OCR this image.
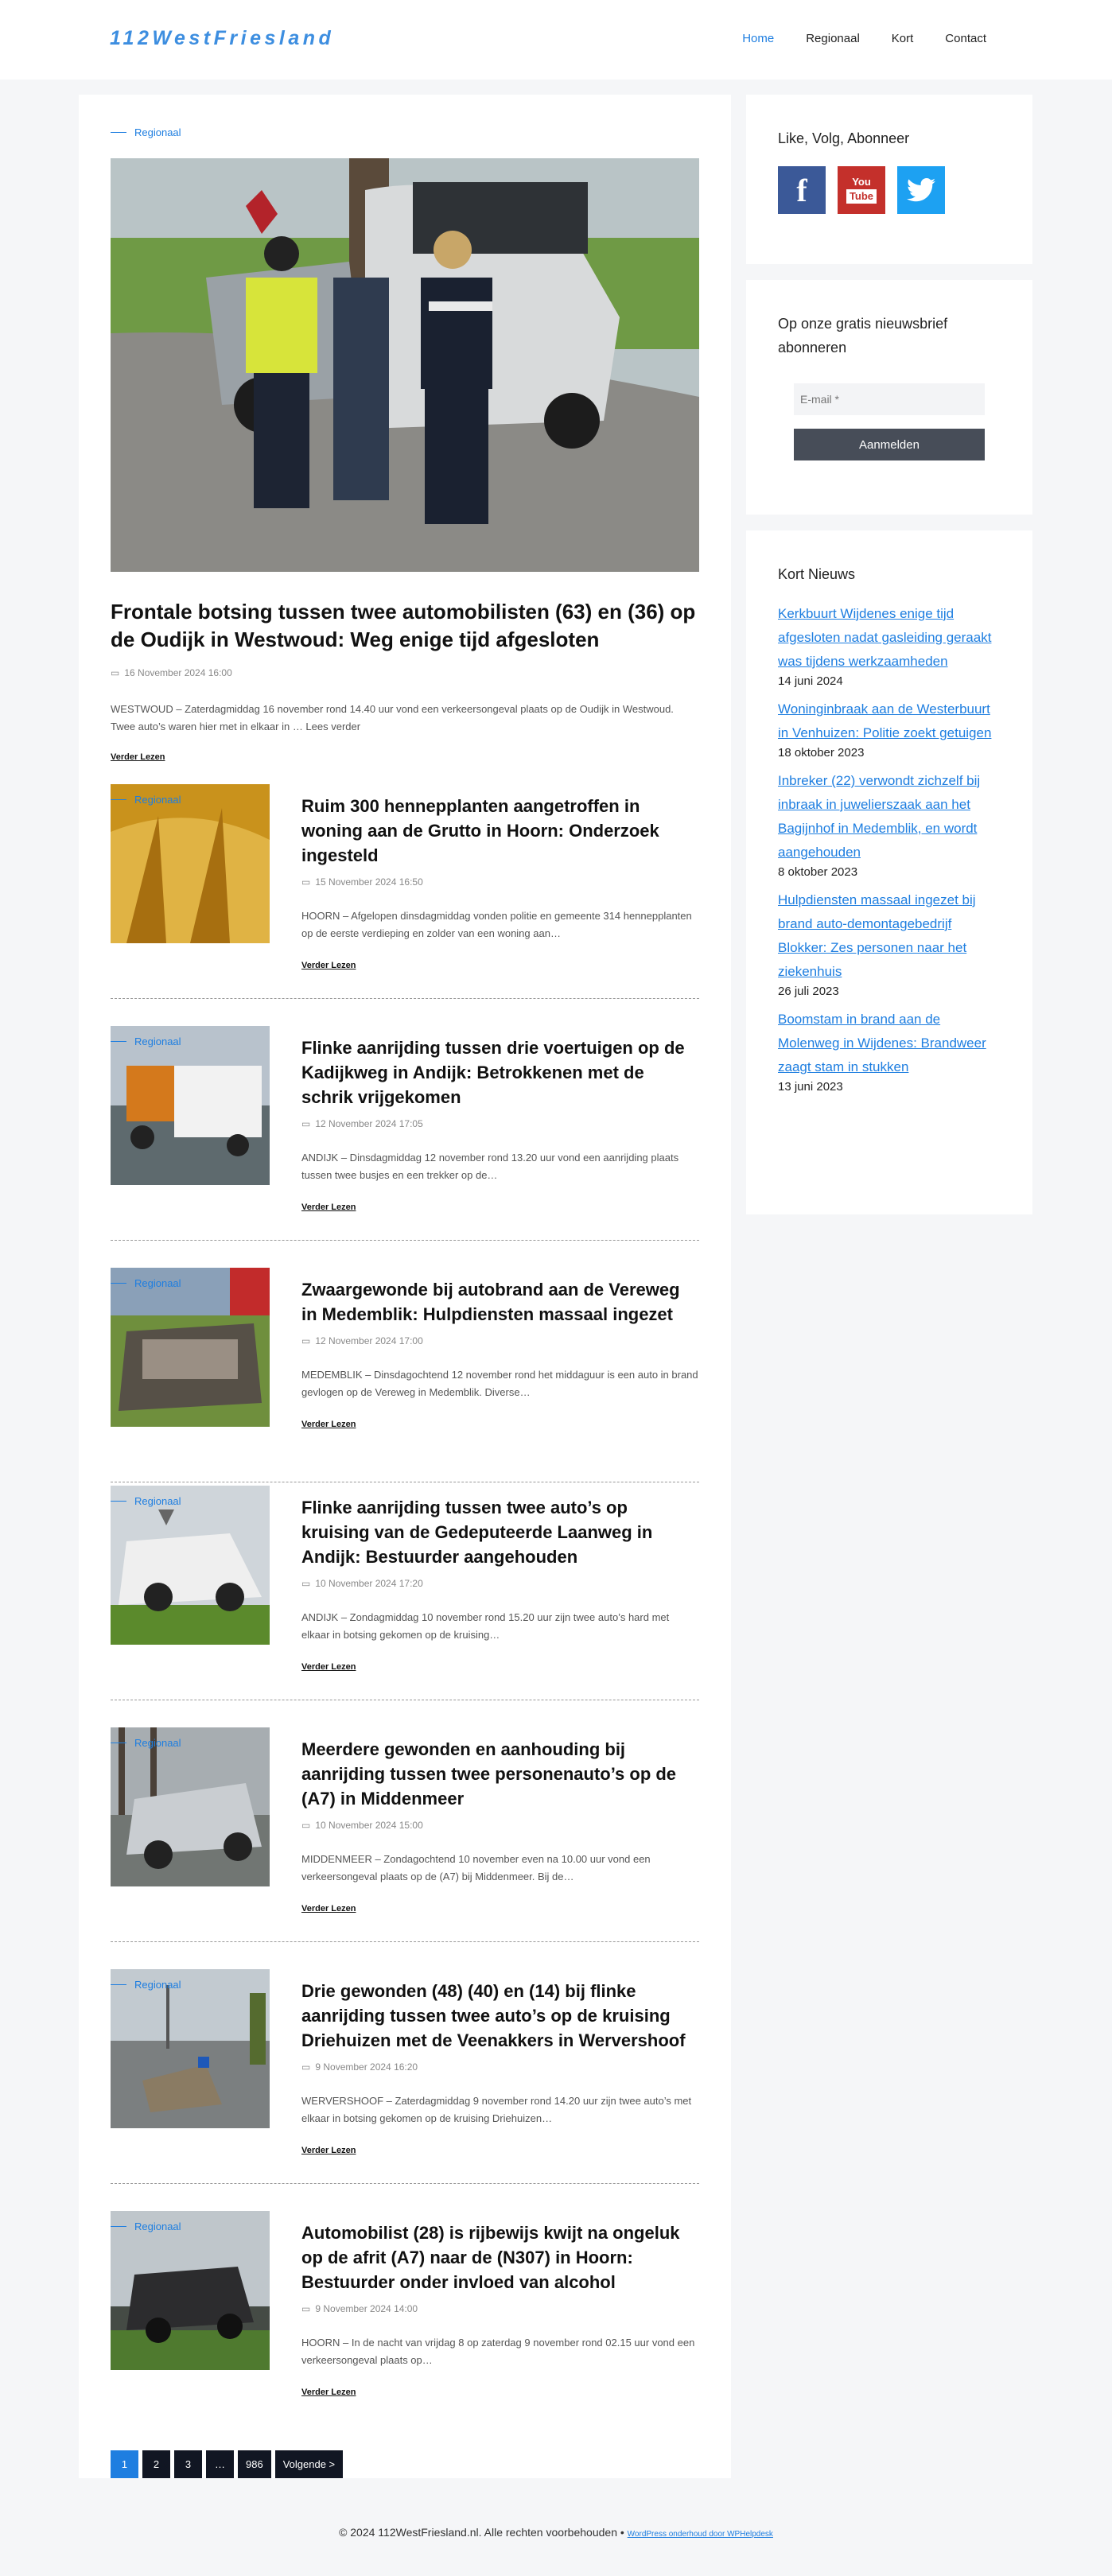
112WestFriesland	Home	Regionaal	Kort	Contact
Regionaal
Frontale botsing tussen twee automobilisten (63) en (36) op de Oudijk in Westwoud: Weg enige tijd afgesloten
▭ 16 November 2024 16:00

WESTWOUD – Zaterdagmiddag 16 november rond 14.40 uur vond een verkeersongeval plaats op de Oudijk in Westwoud. Twee auto’s waren hier met in elkaar in … Lees verder

Verder Lezen
Regionaal	Ruim 300 hennepplanten aangetroffen in woning aan de Grutto in Hoorn: Onderzoek ingesteld
▭ 15 November 2024 16:50

HOORN – Afgelopen dinsdagmiddag vonden politie en gemeente 314 hennepplanten op de eerste verdieping en zolder van een woning aan…

Verder Lezen
Regionaal	Flinke aanrijding tussen drie voertuigen op de Kadijkweg in Andijk: Betrokkenen met de schrik vrijgekomen
▭ 12 November 2024 17:05

ANDIJK – Dinsdagmiddag 12 november rond 13.20 uur vond een aanrijding plaats tussen twee busjes en een trekker op de…

Verder Lezen
Regionaal	Zwaargewonde bij autobrand aan de Vereweg in Medemblik: Hulpdiensten massaal ingezet
▭ 12 November 2024 17:00

MEDEMBLIK – Dinsdagochtend 12 november rond het middaguur is een auto in brand gevlogen op de Vereweg in Medemblik. Diverse…

Verder Lezen
Regionaal	Flinke aanrijding tussen twee auto’s op kruising van de Gedeputeerde Laanweg in Andijk: Bestuurder aangehouden
▭ 10 November 2024 17:20

ANDIJK – Zondagmiddag 10 november rond 15.20 uur zijn twee auto’s hard met elkaar in botsing gekomen op de kruising…

Verder Lezen
Regionaal	Meerdere gewonden en aanhouding bij aanrijding tussen twee personenauto’s op de (A7) in Middenmeer
▭ 10 November 2024 15:00

MIDDENMEER – Zondagochtend 10 november even na 10.00 uur vond een verkeersongeval plaats op de (A7) bij Middenmeer. Bij de…

Verder Lezen
Regionaal	Drie gewonden (48) (40) en (14) bij flinke aanrijding tussen twee auto’s op de kruising Driehuizen met de Veenakkers in Wervershoof
▭ 9 November 2024 16:20

WERVERSHOOF – Zaterdagmiddag 9 november rond 14.20 uur zijn twee auto’s met elkaar in botsing gekomen op de kruising Driehuizen…

Verder Lezen
Regionaal	Automobilist (28) is rijbewijs kwijt na ongeluk op de afrit (A7) naar de (N307) in Hoorn: Bestuurder onder invloed van alcohol
▭ 9 November 2024 14:00

HOORN – In de nacht van vrijdag 8 op zaterdag 9 november rond 02.15 uur vond een verkeersongeval plaats op…

Verder Lezen
1	2	3	…	986	Volgende >
Like, Volg, Abonneer
f	You
Tube
Op onze gratis nieuwsbrief abonneren
E-mail *
Aanmelden
Kort Nieuws
Kerkbuurt Wijdenes enige tijd afgesloten nadat gasleiding geraakt was tijdens werkzaamheden
14 juni 2024
Woninginbraak aan de Westerbuurt in Venhuizen: Politie zoekt getuigen
18 oktober 2023
Inbreker (22) verwondt zichzelf bij inbraak in juwelierszaak aan het Bagijnhof in Medemblik, en wordt aangehouden
8 oktober 2023
Hulpdiensten massaal ingezet bij brand auto-demontagebedrijf Blokker: Zes personen naar het ziekenhuis
26 juli 2023
Boomstam in brand aan de Molenweg in Wijdenes: Brandweer zaagt stam in stukken
13 juni 2023
© 2024 112WestFriesland.nl. Alle rechten voorbehouden • WordPress onderhoud door WPHelpdesk
